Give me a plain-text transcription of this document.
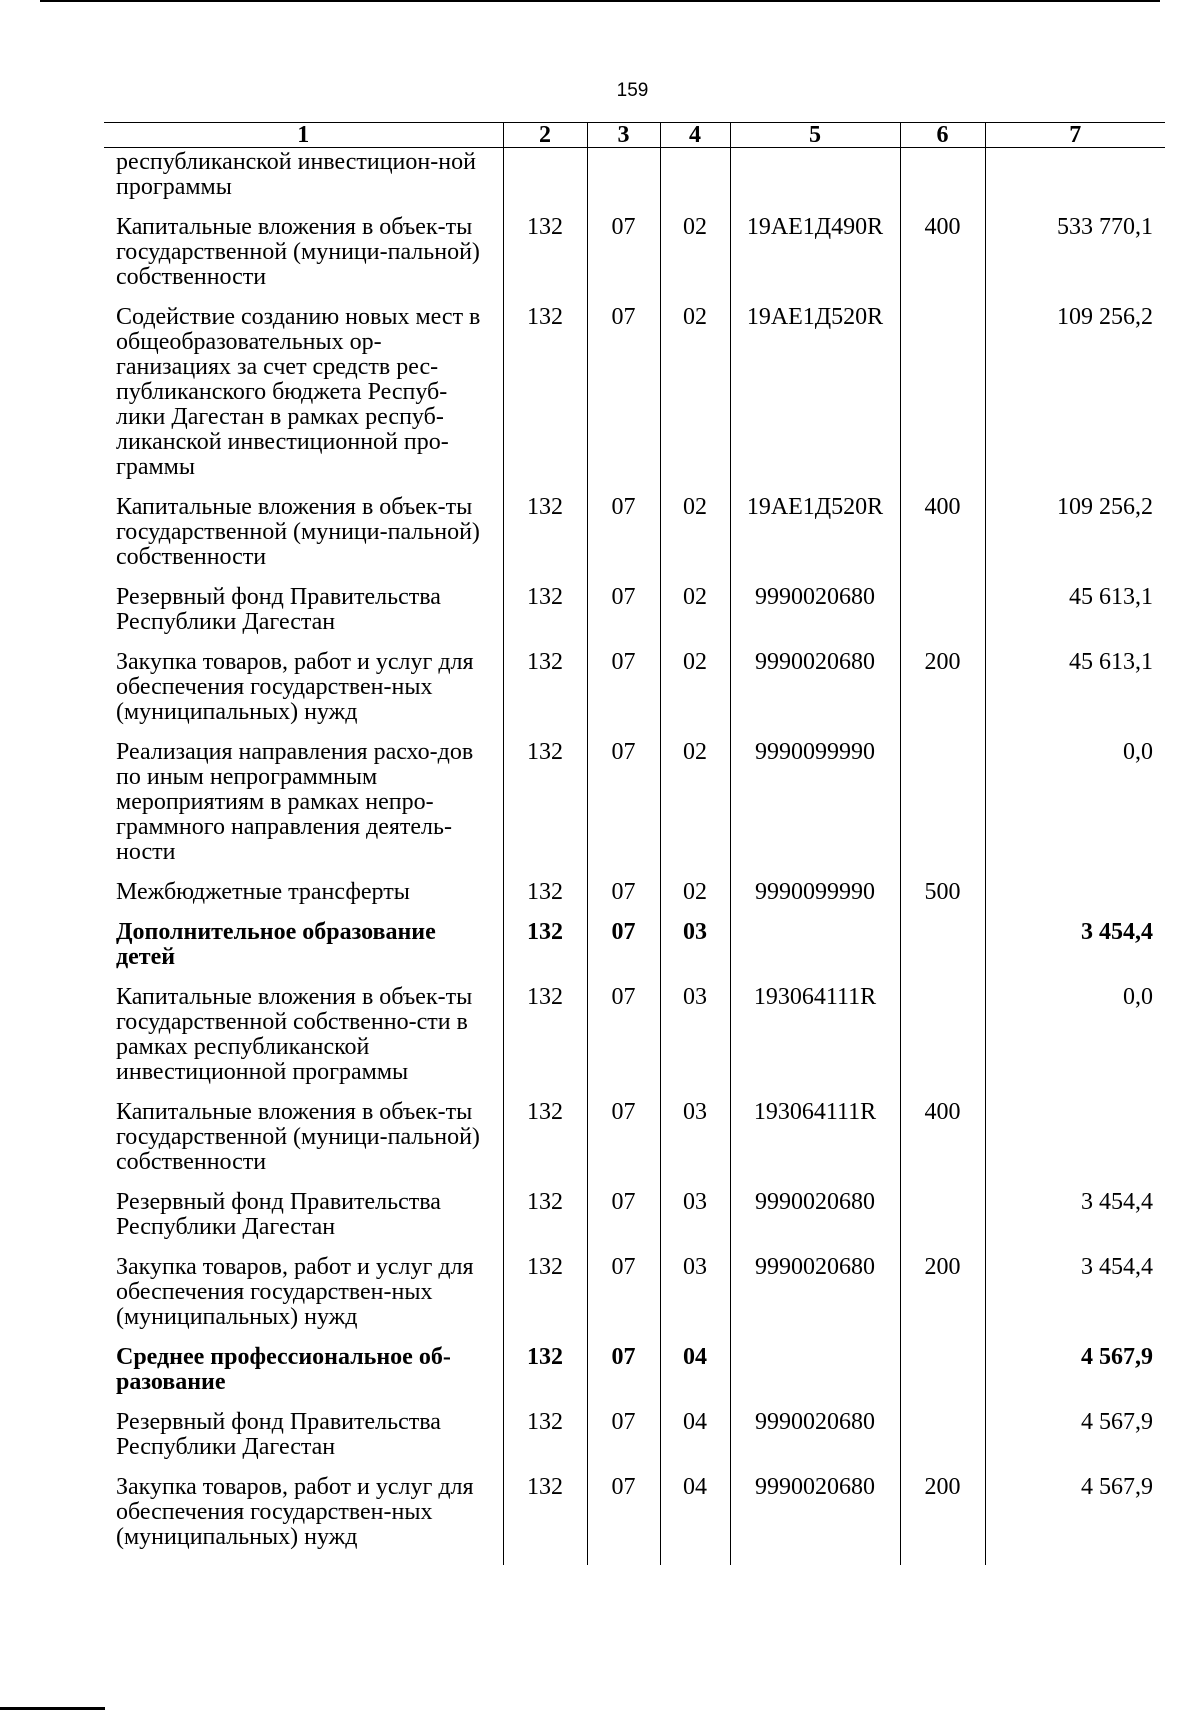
159
1	2	3	4	5	6	7
республиканской инвестицион-ной программы						
Капитальные вложения в объек-ты государственной (муници-пальной) собственности	132	07	02	19АЕ1Д490R	400	533 770,1
Содействие созданию новых мест в общеобразовательных ор-ганизациях за счет средств рес-публиканского бюджета Респуб-лики Дагестан в рамках респуб-ликанской инвестиционной про-граммы	132	07	02	19АЕ1Д520R		109 256,2
Капитальные вложения в объек-ты государственной (муници-пальной) собственности	132	07	02	19АЕ1Д520R	400	109 256,2
Резервный фонд Правительства Республики Дагестан	132	07	02	9990020680		45 613,1
Закупка товаров, работ и услуг для обеспечения государствен-ных (муниципальных) нужд	132	07	02	9990020680	200	45 613,1
Реализация направления расхо-дов по иным непрограммным мероприятиям в рамках непро-граммного направления деятель-ности	132	07	02	9990099990		0,0
Межбюджетные трансферты	132	07	02	9990099990	500	
Дополнительное образование детей	132	07	03			3 454,4
Капитальные вложения в объек-ты государственной собственно-сти в рамках республиканской инвестиционной программы	132	07	03	193064111R		0,0
Капитальные вложения в объек-ты государственной (муници-пальной) собственности	132	07	03	193064111R	400	
Резервный фонд Правительства Республики Дагестан	132	07	03	9990020680		3 454,4
Закупка товаров, работ и услуг для обеспечения государствен-ных (муниципальных) нужд	132	07	03	9990020680	200	3 454,4
Среднее профессиональное об-разование	132	07	04			4 567,9
Резервный фонд Правительства Республики Дагестан	132	07	04	9990020680		4 567,9
Закупка товаров, работ и услуг для обеспечения государствен-ных (муниципальных) нужд	132	07	04	9990020680	200	4 567,9
